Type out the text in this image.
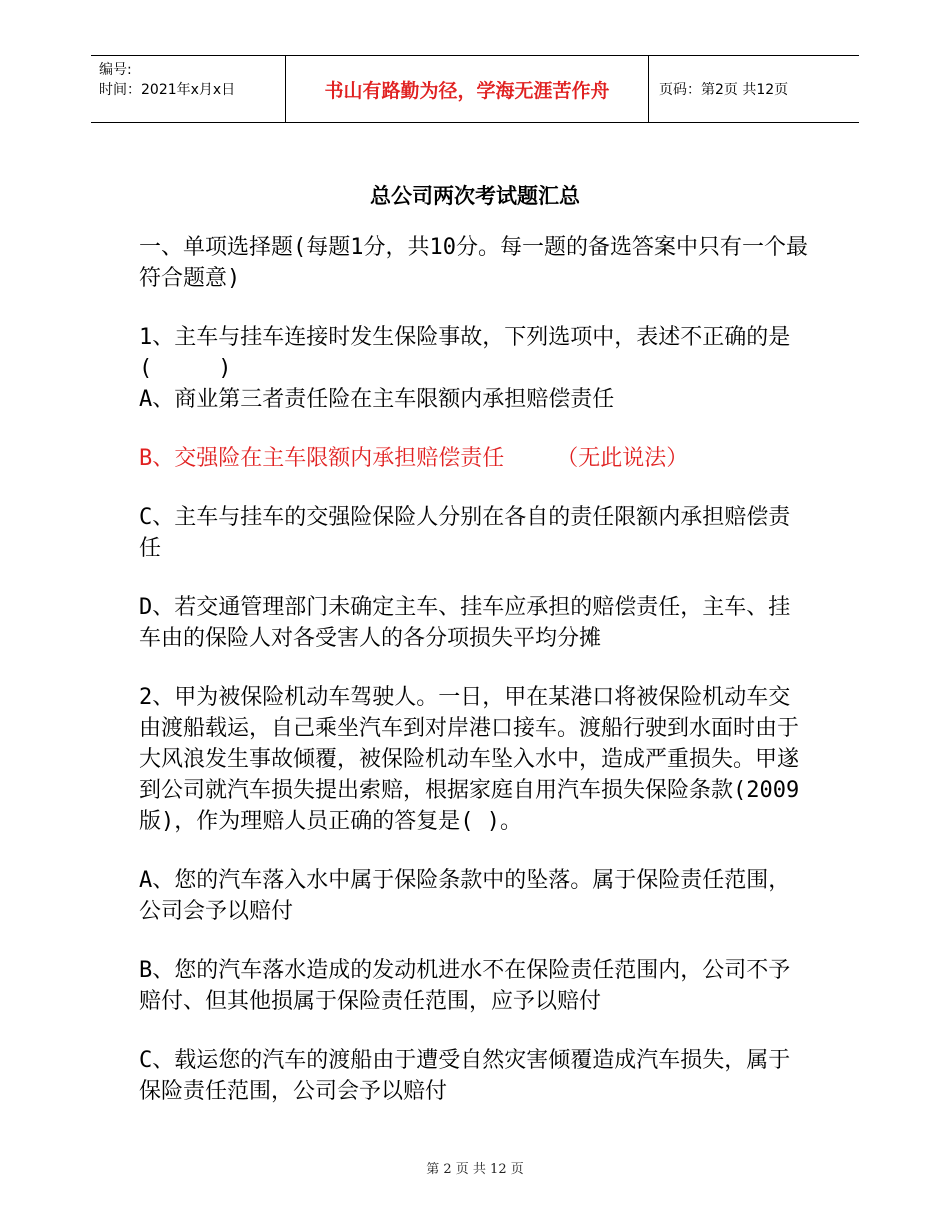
编号:
时间：2021年x月x日	书山有路勤为径，学海无涯苦作舟	页码：第2页 共12页
总公司两次考试题汇总

一、单项选择题(每题1分，共10分。每一题的备选答案中只有一个最符合题意)

1、主车与挂车连接时发生保险事故，下列选项中，表述不正确的是(　　　)

A、商业第三者责任险在主车限额内承担赔偿责任

B、交强险在主车限额内承担赔偿责任 （无此说法）

C、主车与挂车的交强险保险人分别在各自的责任限额内承担赔偿责任

D、若交通管理部门未确定主车、挂车应承担的赔偿责任，主车、挂车由的保险人对各受害人的各分项损失平均分摊

2、甲为被保险机动车驾驶人。一日，甲在某港口将被保险机动车交由渡船载运，自己乘坐汽车到对岸港口接车。渡船行驶到水面时由于大风浪发生事故倾覆，被保险机动车坠入水中，造成严重损失。甲遂到公司就汽车损失提出索赔，根据家庭自用汽车损失保险条款(2009版)，作为理赔人员正确的答复是( )。

A、您的汽车落入水中属于保险条款中的坠落。属于保险责任范围，公司会予以赔付

B、您的汽车落水造成的发动机进水不在保险责任范围内，公司不予赔付、但其他损属于保险责任范围，应予以赔付

C、载运您的汽车的渡船由于遭受自然灾害倾覆造成汽车损失，属于保险责任范围，公司会予以赔付

第 2 页 共 12 页
